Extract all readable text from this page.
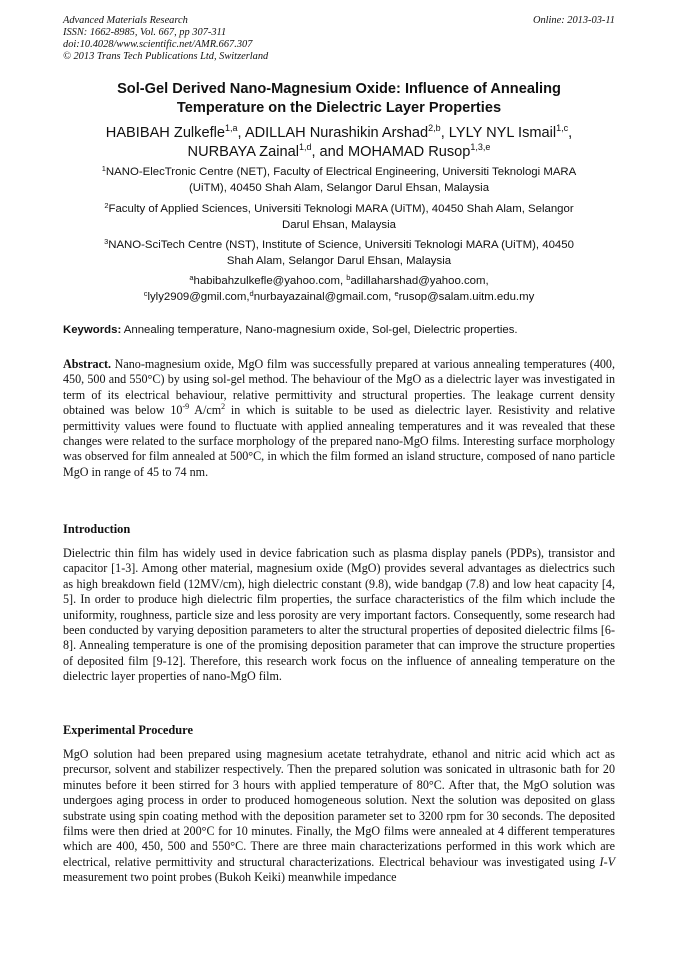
Advanced Materials Research
ISSN: 1662-8985, Vol. 667, pp 307-311
doi:10.4028/www.scientific.net/AMR.667.307
© 2013 Trans Tech Publications Ltd, Switzerland
Online: 2013-03-11
Sol-Gel Derived Nano-Magnesium Oxide: Influence of Annealing
Temperature on the Dielectric Layer Properties
HABIBAH Zulkefle$^{1,a}$, ADILLAH Nurashikin Arshad$^{2,b}$, LYLY NYL Ismail$^{1,c}$,
NURBAYA Zainal$^{1,d}$, and MOHAMAD Rusop$^{1,3,e}$
$^1$NANO-ElecTronic Centre (NET), Faculty of Electrical Engineering, Universiti Teknologi MARA
(UiTM), 40450 Shah Alam, Selangor Darul Ehsan, Malaysia
$^2$Faculty of Applied Sciences, Universiti Teknologi MARA (UiTM), 40450 Shah Alam, Selangor
Darul Ehsan, Malaysia
$^3$NANO-SciTech Centre (NST), Institute of Science, Universiti Teknologi MARA (UiTM), 40450
Shah Alam, Selangor Darul Ehsan, Malaysia
$^a$habibahzulkefle@yahoo.com, $^b$adillaharshad@yahoo.com,
$^c$lyly2909@gmil.com,$^d$nurbayazainal@gmail.com, $^e$rusop@salam.uitm.edu.my
Keywords: Annealing temperature, Nano-magnesium oxide, Sol-gel, Dielectric properties.
Abstract. Nano-magnesium oxide, MgO film was successfully prepared at various annealing temperatures (400, 450, 500 and 550°C) by using sol-gel method. The behaviour of the MgO as a dielectric layer was investigated in term of its electrical behaviour, relative permittivity and structural properties. The leakage current density obtained was below $10^{-9}$ $A/cm^2$ in which is suitable to be used as dielectric layer. Resistivity and relative permittivity values were found to fluctuate with applied annealing temperatures and it was revealed that these changes were related to the surface morphology of the prepared nano-MgO films. Interesting surface morphology was observed for film annealed at 500°C, in which the film formed an island structure, composed of nano particle MgO in range of 45 to 74 nm.
Introduction
Dielectric thin film has widely used in device fabrication such as plasma display panels (PDPs), transistor and capacitor [1-3]. Among other material, magnesium oxide (MgO) provides several advantages as dielectrics such as high breakdown field (12MV/cm), high dielectric constant (9.8), wide bandgap (7.8) and low heat capacity [4, 5]. In order to produce high dielectric film properties, the surface characteristics of the film which include the uniformity, roughness, particle size and less porosity are very important factors. Consequently, some research had been conducted by varying deposition parameters to alter the structural properties of deposited dielectric films [6-8]. Annealing temperature is one of the promising deposition parameter that can improve the structure properties of deposited film [9-12]. Therefore, this research work focus on the influence of annealing temperature on the dielectric layer properties of nano-MgO film.
Experimental Procedure
MgO solution had been prepared using magnesium acetate tetrahydrate, ethanol and nitric acid which act as precursor, solvent and stabilizer respectively. Then the prepared solution was sonicated in ultrasonic bath for 20 minutes before it been stirred for 3 hours with applied temperature of 80°C. After that, the MgO solution was undergoes aging process in order to produced homogeneous solution. Next the solution was deposited on glass substrate using spin coating method with the deposition parameter set to 3200 rpm for 30 seconds. The deposited films were then dried at 200°C for 10 minutes. Finally, the MgO films were annealed at 4 different temperatures which are 400, 450, 500 and 550°C. There are three main characterizations performed in this work which are electrical, relative permittivity and structural characterizations. Electrical behaviour was investigated using I-V measurement two point probes (Bukoh Keiki) meanwhile impedance
